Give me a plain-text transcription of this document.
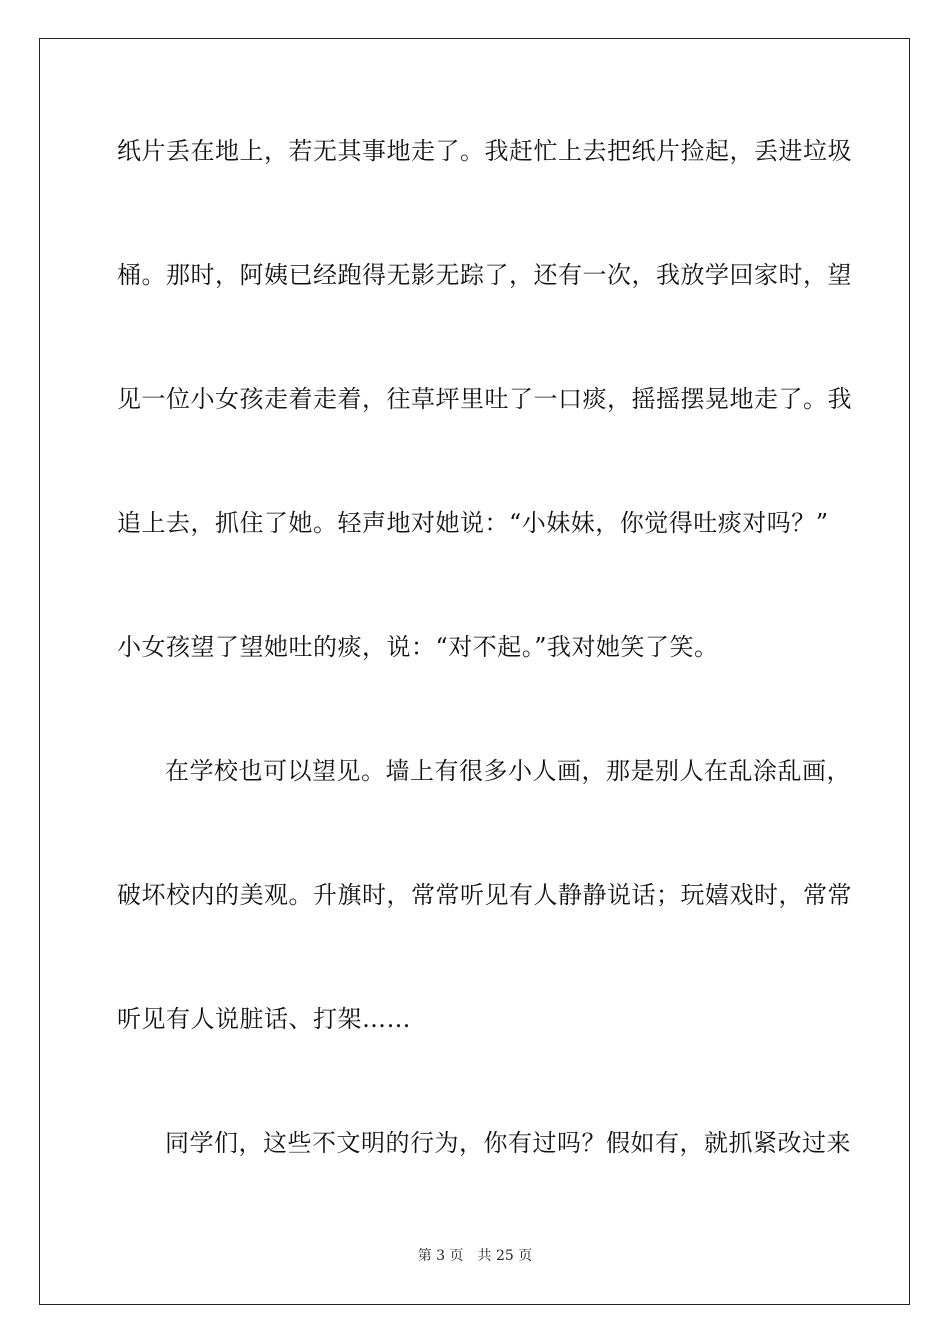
纸片丢在地上，若无其事地走了。我赶忙上去把纸片捡起，丢进垃圾
桶。那时，阿姨已经跑得无影无踪了，还有一次，我放学回家时，望
见一位小女孩走着走着，往草坪里吐了一口痰，摇摇摆晃地走了。我
追上去，抓住了她。轻声地对她说：“小妹妹，你觉得吐痰对吗？”
小女孩望了望她吐的痰，说：“对不起。”我对她笑了笑。
在学校也可以望见。墙上有很多小人画，那是别人在乱涂乱画，
破坏校内的美观。升旗时，常常听见有人静静说话；玩嬉戏时，常常
听见有人说脏话、打架……
同学们，这些不文明的行为，你有过吗？假如有，就抓紧改过来
第 3 页　共 25 页
